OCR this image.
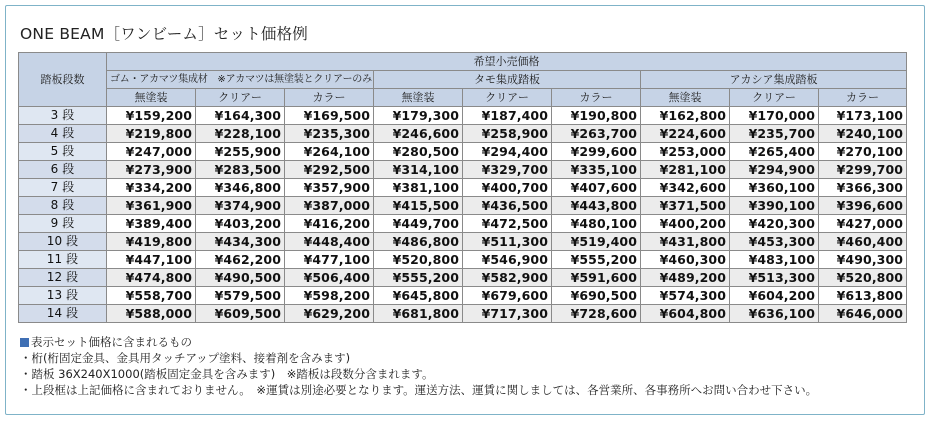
ONE BEAM［ワンビーム］セット価格例
踏板段数	希望小売価格								
	ゴム・アカマツ集成材　※アカマツは無塗装とクリアーのみ			タモ集成踏板			アカシア集成踏板		
	無塗装	クリアー	カラー	無塗装	クリアー	カラー	無塗装	クリアー	カラー
3 段	¥159,200	¥164,300	¥169,500	¥179,300	¥187,400	¥190,800	¥162,800	¥170,000	¥173,100
4 段	¥219,800	¥228,100	¥235,300	¥246,600	¥258,900	¥263,700	¥224,600	¥235,700	¥240,100
5 段	¥247,000	¥255,900	¥264,100	¥280,500	¥294,400	¥299,600	¥253,000	¥265,400	¥270,100
6 段	¥273,900	¥283,500	¥292,500	¥314,100	¥329,700	¥335,100	¥281,100	¥294,900	¥299,700
7 段	¥334,200	¥346,800	¥357,900	¥381,100	¥400,700	¥407,600	¥342,600	¥360,100	¥366,300
8 段	¥361,900	¥374,900	¥387,000	¥415,500	¥436,500	¥443,800	¥371,500	¥390,100	¥396,600
9 段	¥389,400	¥403,200	¥416,200	¥449,700	¥472,500	¥480,100	¥400,200	¥420,300	¥427,000
10 段	¥419,800	¥434,300	¥448,400	¥486,800	¥511,300	¥519,400	¥431,800	¥453,300	¥460,400
11 段	¥447,100	¥462,200	¥477,100	¥520,800	¥546,900	¥555,200	¥460,300	¥483,100	¥490,300
12 段	¥474,800	¥490,500	¥506,400	¥555,200	¥582,900	¥591,600	¥489,200	¥513,300	¥520,800
13 段	¥558,700	¥579,500	¥598,200	¥645,800	¥679,600	¥690,500	¥574,300	¥604,200	¥613,800
14 段	¥588,000	¥609,500	¥629,200	¥681,800	¥717,300	¥728,600	¥604,800	¥636,100	¥646,000
表示セット価格に含まれるもの
・桁(桁固定金具、金具用タッチアップ塗料、接着剤を含みます)
・踏板 36X240X1000(踏板固定金具を含みます)　※踏板は段数分含まれます。
・上段框は上記価格に含まれておりません。　※運賃は別途必要となります。運送方法、運賃に関しましては、各営業所、各事務所へお問い合わせ下さい。
